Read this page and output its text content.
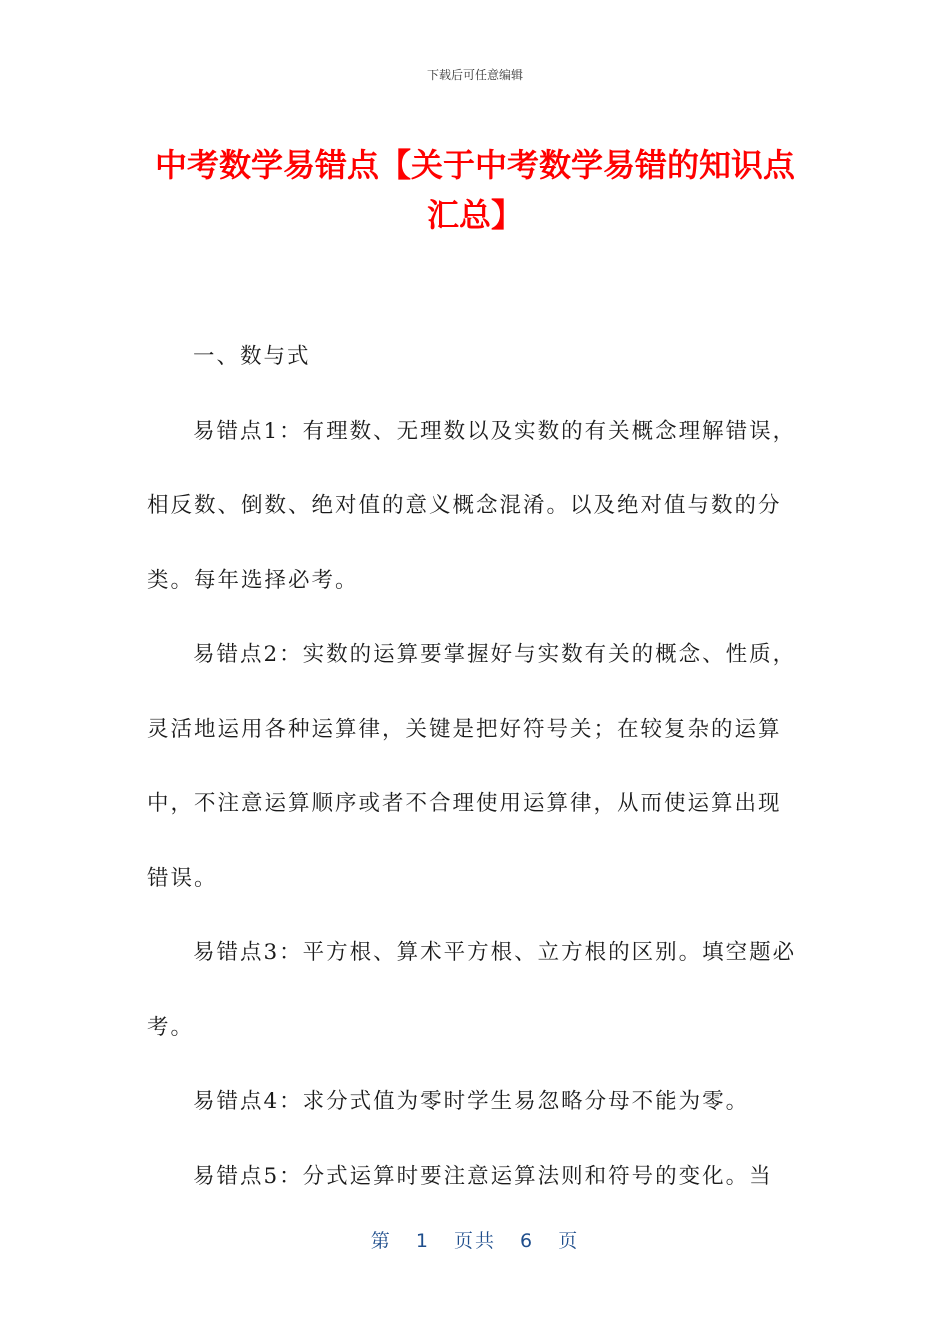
下载后可任意编辑
中考数学易错点【关于中考数学易错的知识点汇总】

一、数与式

易错点1：有理数、无理数以及实数的有关概念理解错误，相反数、倒数、绝对值的意义概念混淆。以及绝对值与数的分类。每年选择必考。

易错点2：实数的运算要掌握好与实数有关的概念、性质，灵活地运用各种运算律，关键是把好符号关；在较复杂的运算中，不注意运算顺序或者不合理使用运算律，从而使运算出现错误。

易错点3：平方根、算术平方根、立方根的区别。填空题必考。

易错点4：求分式值为零时学生易忽略分母不能为零。

易错点5：分式运算时要注意运算法则和符号的变化。当

第 1 页共 6 页
